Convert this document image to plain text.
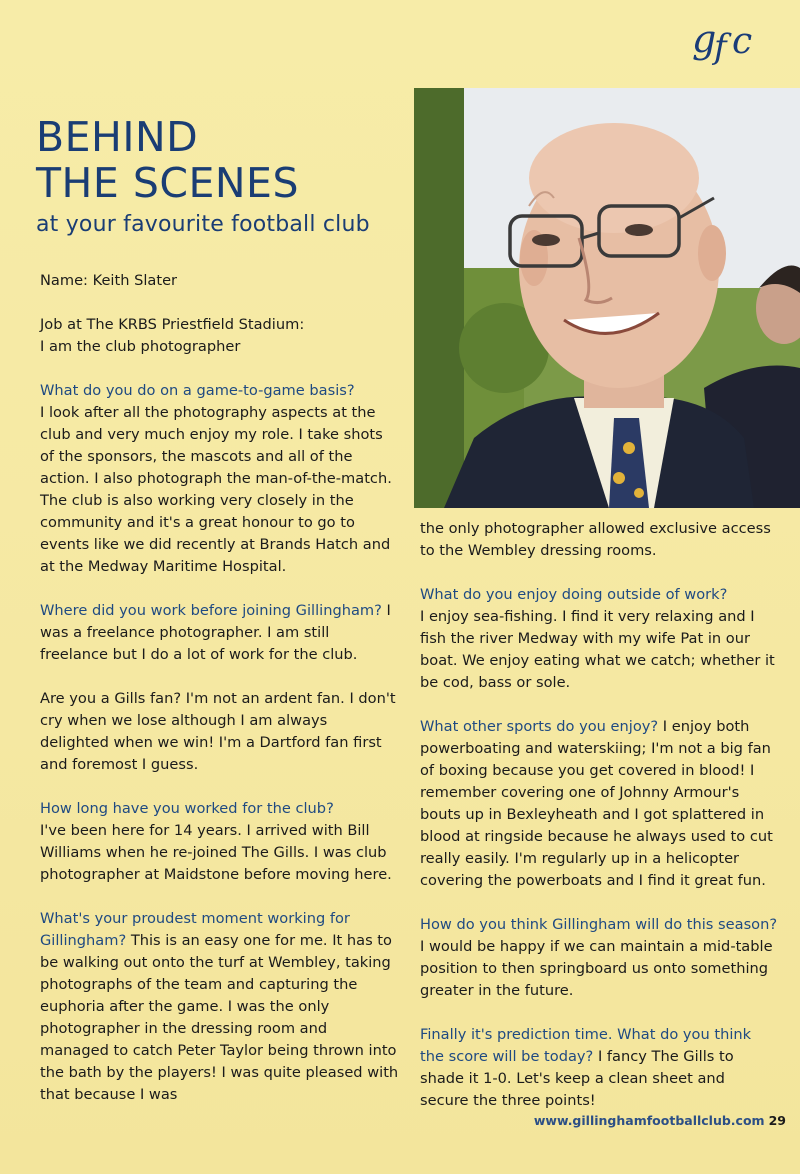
g
f c
BEHIND
THE SCENES
at your favourite football club

Name: Keith Slater

Job at The KRBS Priestfield Stadium:
I am the club photographer

What do you do on a game-to-game basis?
I look after all the photography aspects at the club and very much enjoy my role. I take shots of the sponsors, the mascots and all of the action. I also photograph the man-of-the-match. The club is also working very closely in the community and it's a great honour to go to events like we did recently at Brands Hatch and at the Medway Maritime Hospital.

Where did you work before joining Gillingham? I was a freelance photographer. I am still freelance but I do a lot of work for the club.

Are you a Gills fan? I'm not an ardent fan. I don't cry when we lose although I am always delighted when we win! I'm a Dartford fan first and foremost I guess.

How long have you worked for the club?
I've been here for 14 years. I arrived with Bill Williams when he re-joined The Gills. I was club photographer at Maidstone before moving here.

What's your proudest moment working for Gillingham? This is an easy one for me. It has to be walking out onto the turf at Wembley, taking photographs of the team and capturing the euphoria after the game. I was the only photographer in the dressing room and managed to catch Peter Taylor being thrown into the bath by the players! I was quite pleased with that because I was

the only photographer allowed exclusive access to the Wembley dressing rooms.

What do you enjoy doing outside of work?
I enjoy sea-fishing. I find it very relaxing and I fish the river Medway with my wife Pat in our boat. We enjoy eating what we catch; whether it be cod, bass or sole.

What other sports do you enjoy? I enjoy both powerboating and waterskiing; I'm not a big fan of boxing because you get covered in blood! I remember covering one of Johnny Armour's bouts up in Bexleyheath and I got splattered in blood at ringside because he always used to cut really easily. I'm regularly up in a helicopter covering the powerboats and I find it great fun.

How do you think Gillingham will do this season? I would be happy if we can maintain a mid-table position to then springboard us onto something greater in the future.

Finally it's prediction time. What do you think the score will be today? I fancy The Gills to shade it 1-0. Let's keep a clean sheet and secure the three points!

www.gillinghamfootballclub.com 29
